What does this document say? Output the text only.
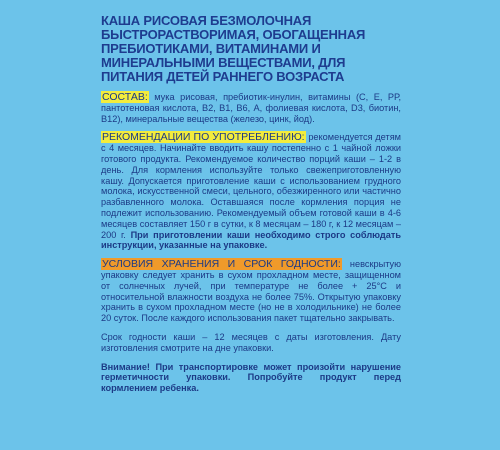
КАША РИСОВАЯ БЕЗМОЛОЧНАЯ БЫСТРОРАСТВОРИМАЯ, ОБОГАЩЕННАЯ ПРЕБИОТИКАМИ, ВИТАМИНАМИ И МИНЕРАЛЬНЫМИ ВЕЩЕСТВАМИ, ДЛЯ ПИТАНИЯ ДЕТЕЙ РАННЕГО ВОЗРАСТА
СОСТАВ: мука рисовая, пребиотик-инулин, витамины (С, Е, РР, пантотеновая кислота, В2, В1, В6, А, фолиевая кислота, D3, биотин, В12), минеральные вещества (железо, цинк, йод).
РЕКОМЕНДАЦИИ ПО УПОТРЕБЛЕНИЮ: рекомендуется детям с 4 месяцев. Начинайте вводить кашу постепенно с 1 чайной ложки готового продукта. Рекомендуемое количество порций каши – 1-2 в день. Для кормления используйте только свежеприготовленную кашу. Допускается приготовление каши с использованием грудного молока, искусственной смеси, цельного, обезжиренного или частично разбавленного молока. Оставшаяся после кормления порция не подлежит использованию. Рекомендуемый объем готовой каши в 4-6 месяцев составляет 150 г в сутки, к 8 месяцам – 180 г, к 12 месяцам – 200 г. При приготовлении каши необходимо строго соблюдать инструкции, указанные на упаковке.
УСЛОВИЯ ХРАНЕНИЯ И СРОК ГОДНОСТИ: невскрытую упаковку следует хранить в сухом прохладном месте, защищенном от солнечных лучей, при температуре не более + 25°С и относительной влажности воздуха не более 75%. Открытую упаковку хранить в сухом прохладном месте (но не в холодильнике) не более 20 суток. После каждого использования пакет тщательно закрывать.
Срок годности каши – 12 месяцев с даты изготовления. Дату изготовления смотрите на дне упаковки.
Внимание! При транспортировке может произойти нарушение герметичности упаковки. Попробуйте продукт перед кормлением ребенка.
